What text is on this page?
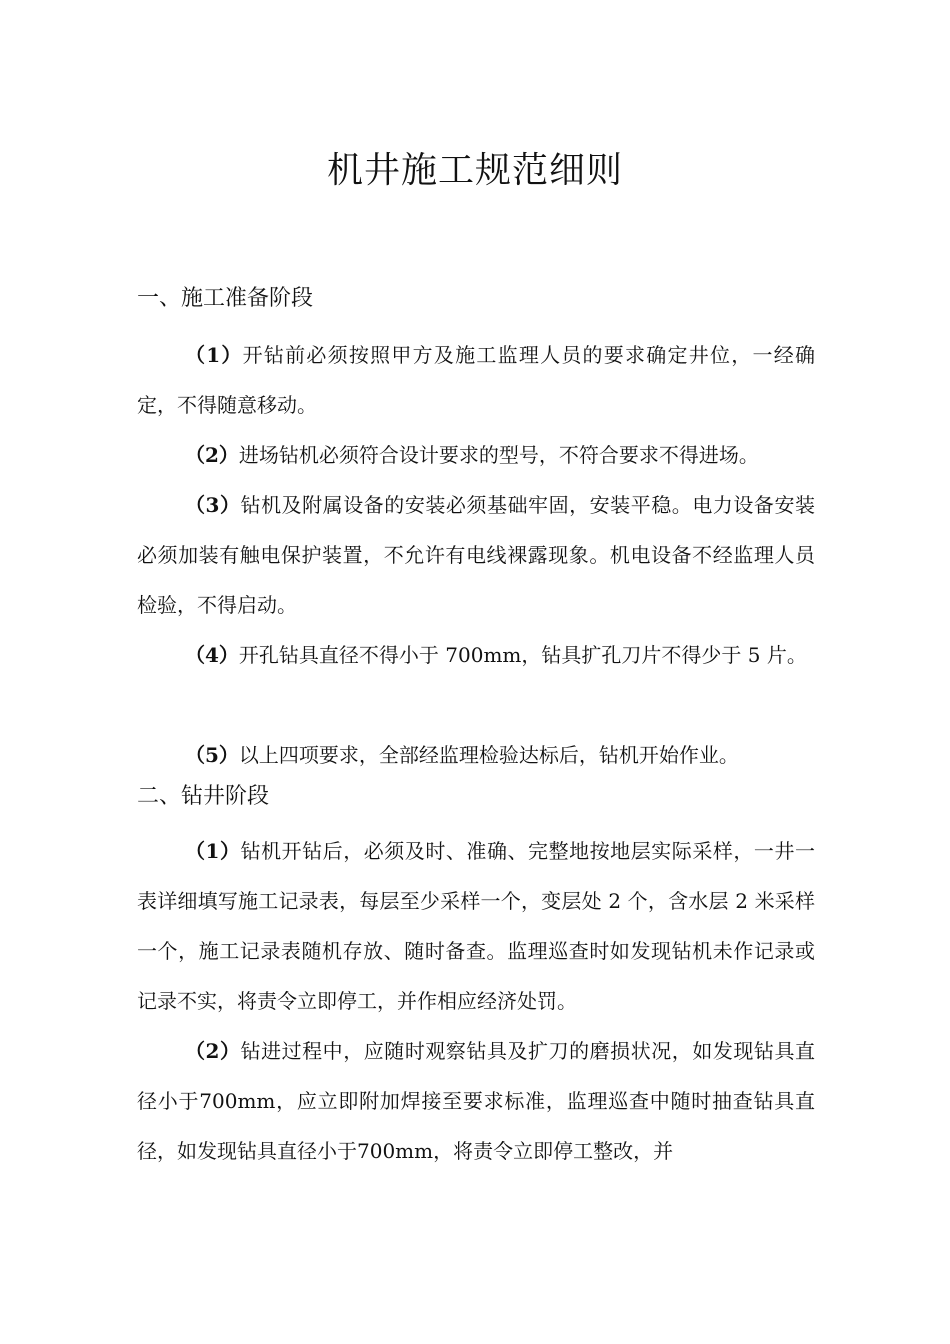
机井施工规范细则
一、施工准备阶段

（1）开钻前必须按照甲方及施工监理人员的要求确定井位，一经确定，不得随意移动。

（2）进场钻机必须符合设计要求的型号，不符合要求不得进场。

（3）钻机及附属设备的安装必须基础牢固，安装平稳。电力设备安装必须加装有触电保护装置，不允许有电线裸露现象。机电设备不经监理人员检验，不得启动。

（4）开孔钻具直径不得小于 700mm，钻具扩孔刀片不得少于 5 片。

（5）以上四项要求，全部经监理检验达标后，钻机开始作业。

二、钻井阶段

（1）钻机开钻后，必须及时、准确、完整地按地层实际采样，一井一表详细填写施工记录表，每层至少采样一个，变层处 2 个，含水层 2 米采样一个，施工记录表随机存放、随时备查。监理巡查时如发现钻机未作记录或记录不实，将责令立即停工，并作相应经济处罚。

（2）钻进过程中，应随时观察钻具及扩刀的磨损状况，如发现钻具直径小于700mm，应立即附加焊接至要求标准，监理巡查中随时抽查钻具直径，如发现钻具直径小于700mm，将责令立即停工整改，并
